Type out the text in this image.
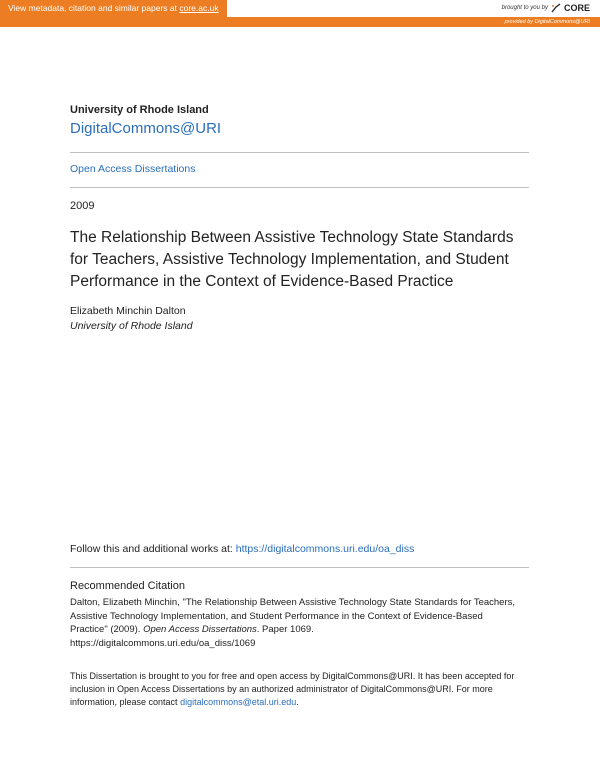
View metadata, citation and similar papers at core.ac.uk	brought to you by CORE
provided by DigitalCommons@URI
University of Rhode Island
DigitalCommons@URI
Open Access Dissertations
2009
The Relationship Between Assistive Technology State Standards
for Teachers, Assistive Technology Implementation, and Student
Performance in the Context of Evidence-Based Practice
Elizabeth Minchin Dalton
University of Rhode Island
Follow this and additional works at: https://digitalcommons.uri.edu/oa_diss
Recommended Citation
Dalton, Elizabeth Minchin, "The Relationship Between Assistive Technology State Standards for Teachers,
Assistive Technology Implementation, and Student Performance in the Context of Evidence-Based
Practice" (2009). Open Access Dissertations. Paper 1069.
https://digitalcommons.uri.edu/oa_diss/1069
This Dissertation is brought to you for free and open access by DigitalCommons@URI. It has been accepted for
inclusion in Open Access Dissertations by an authorized administrator of DigitalCommons@URI. For more
information, please contact digitalcommons@etal.uri.edu.
